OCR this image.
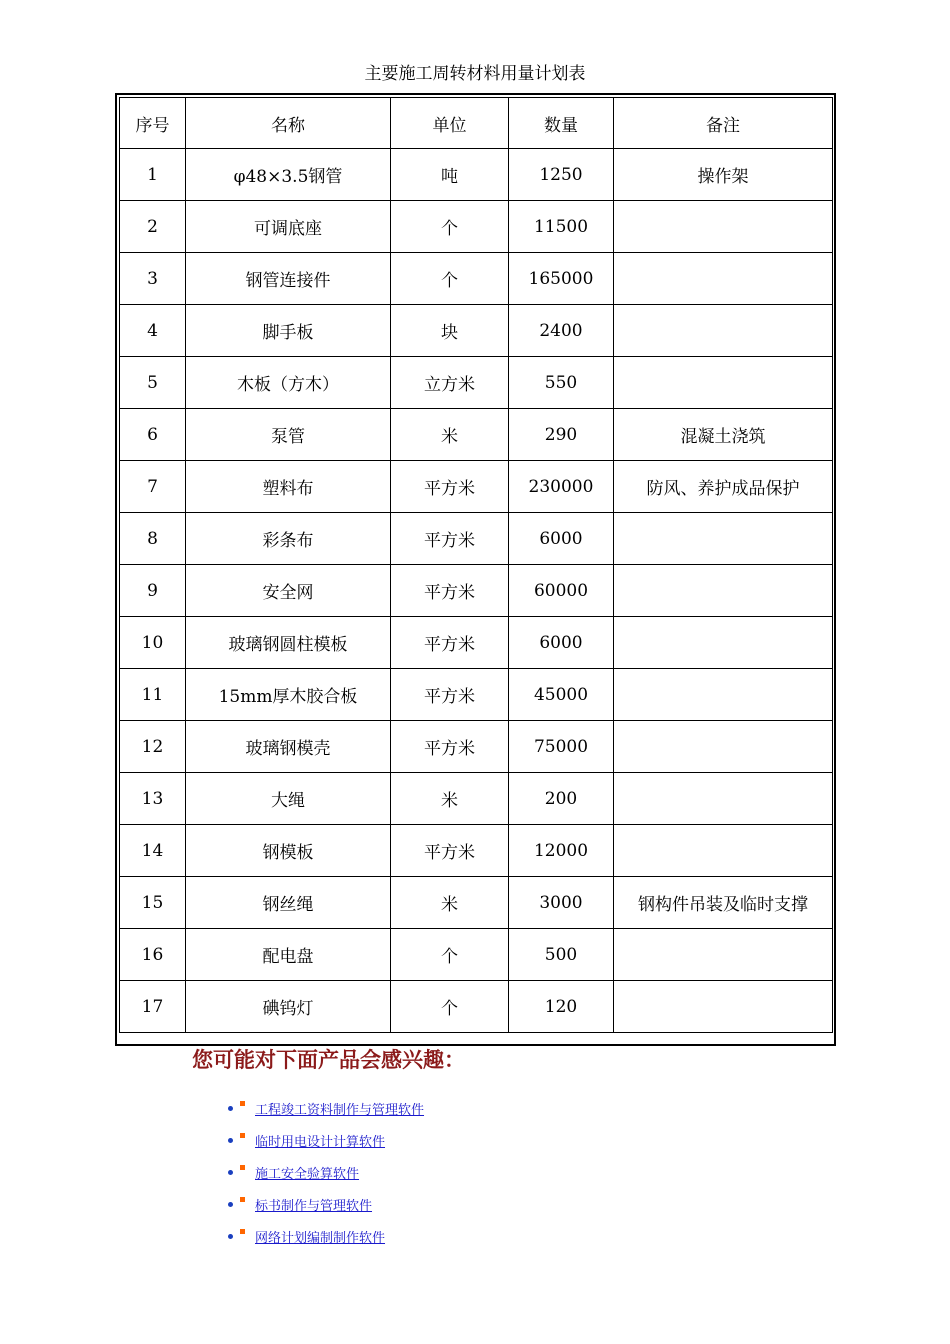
主要施工周转材料用量计划表
序号	名称	单位	数量	备注
1	φ48×3.5钢管	吨	1250	操作架
2	可调底座	个	11500	
3	钢管连接件	个	165000	
4	脚手板	块	2400	
5	木板（方木）	立方米	550	
6	泵管	米	290	混凝土浇筑
7	塑料布	平方米	230000	防风、养护成品保护
8	彩条布	平方米	6000	
9	安全网	平方米	60000	
10	玻璃钢圆柱模板	平方米	6000	
11	15mm厚木胶合板	平方米	45000	
12	玻璃钢模壳	平方米	75000	
13	大绳	米	200	
14	钢模板	平方米	12000	
15	钢丝绳	米	3000	钢构件吊装及临时支撑
16	配电盘	个	500	
17	碘钨灯	个	120	
您可能对下面产品会感兴趣：
工程竣工资料制作与管理软件
临时用电设计计算软件
施工安全验算软件
标书制作与管理软件
网络计划编制制作软件
